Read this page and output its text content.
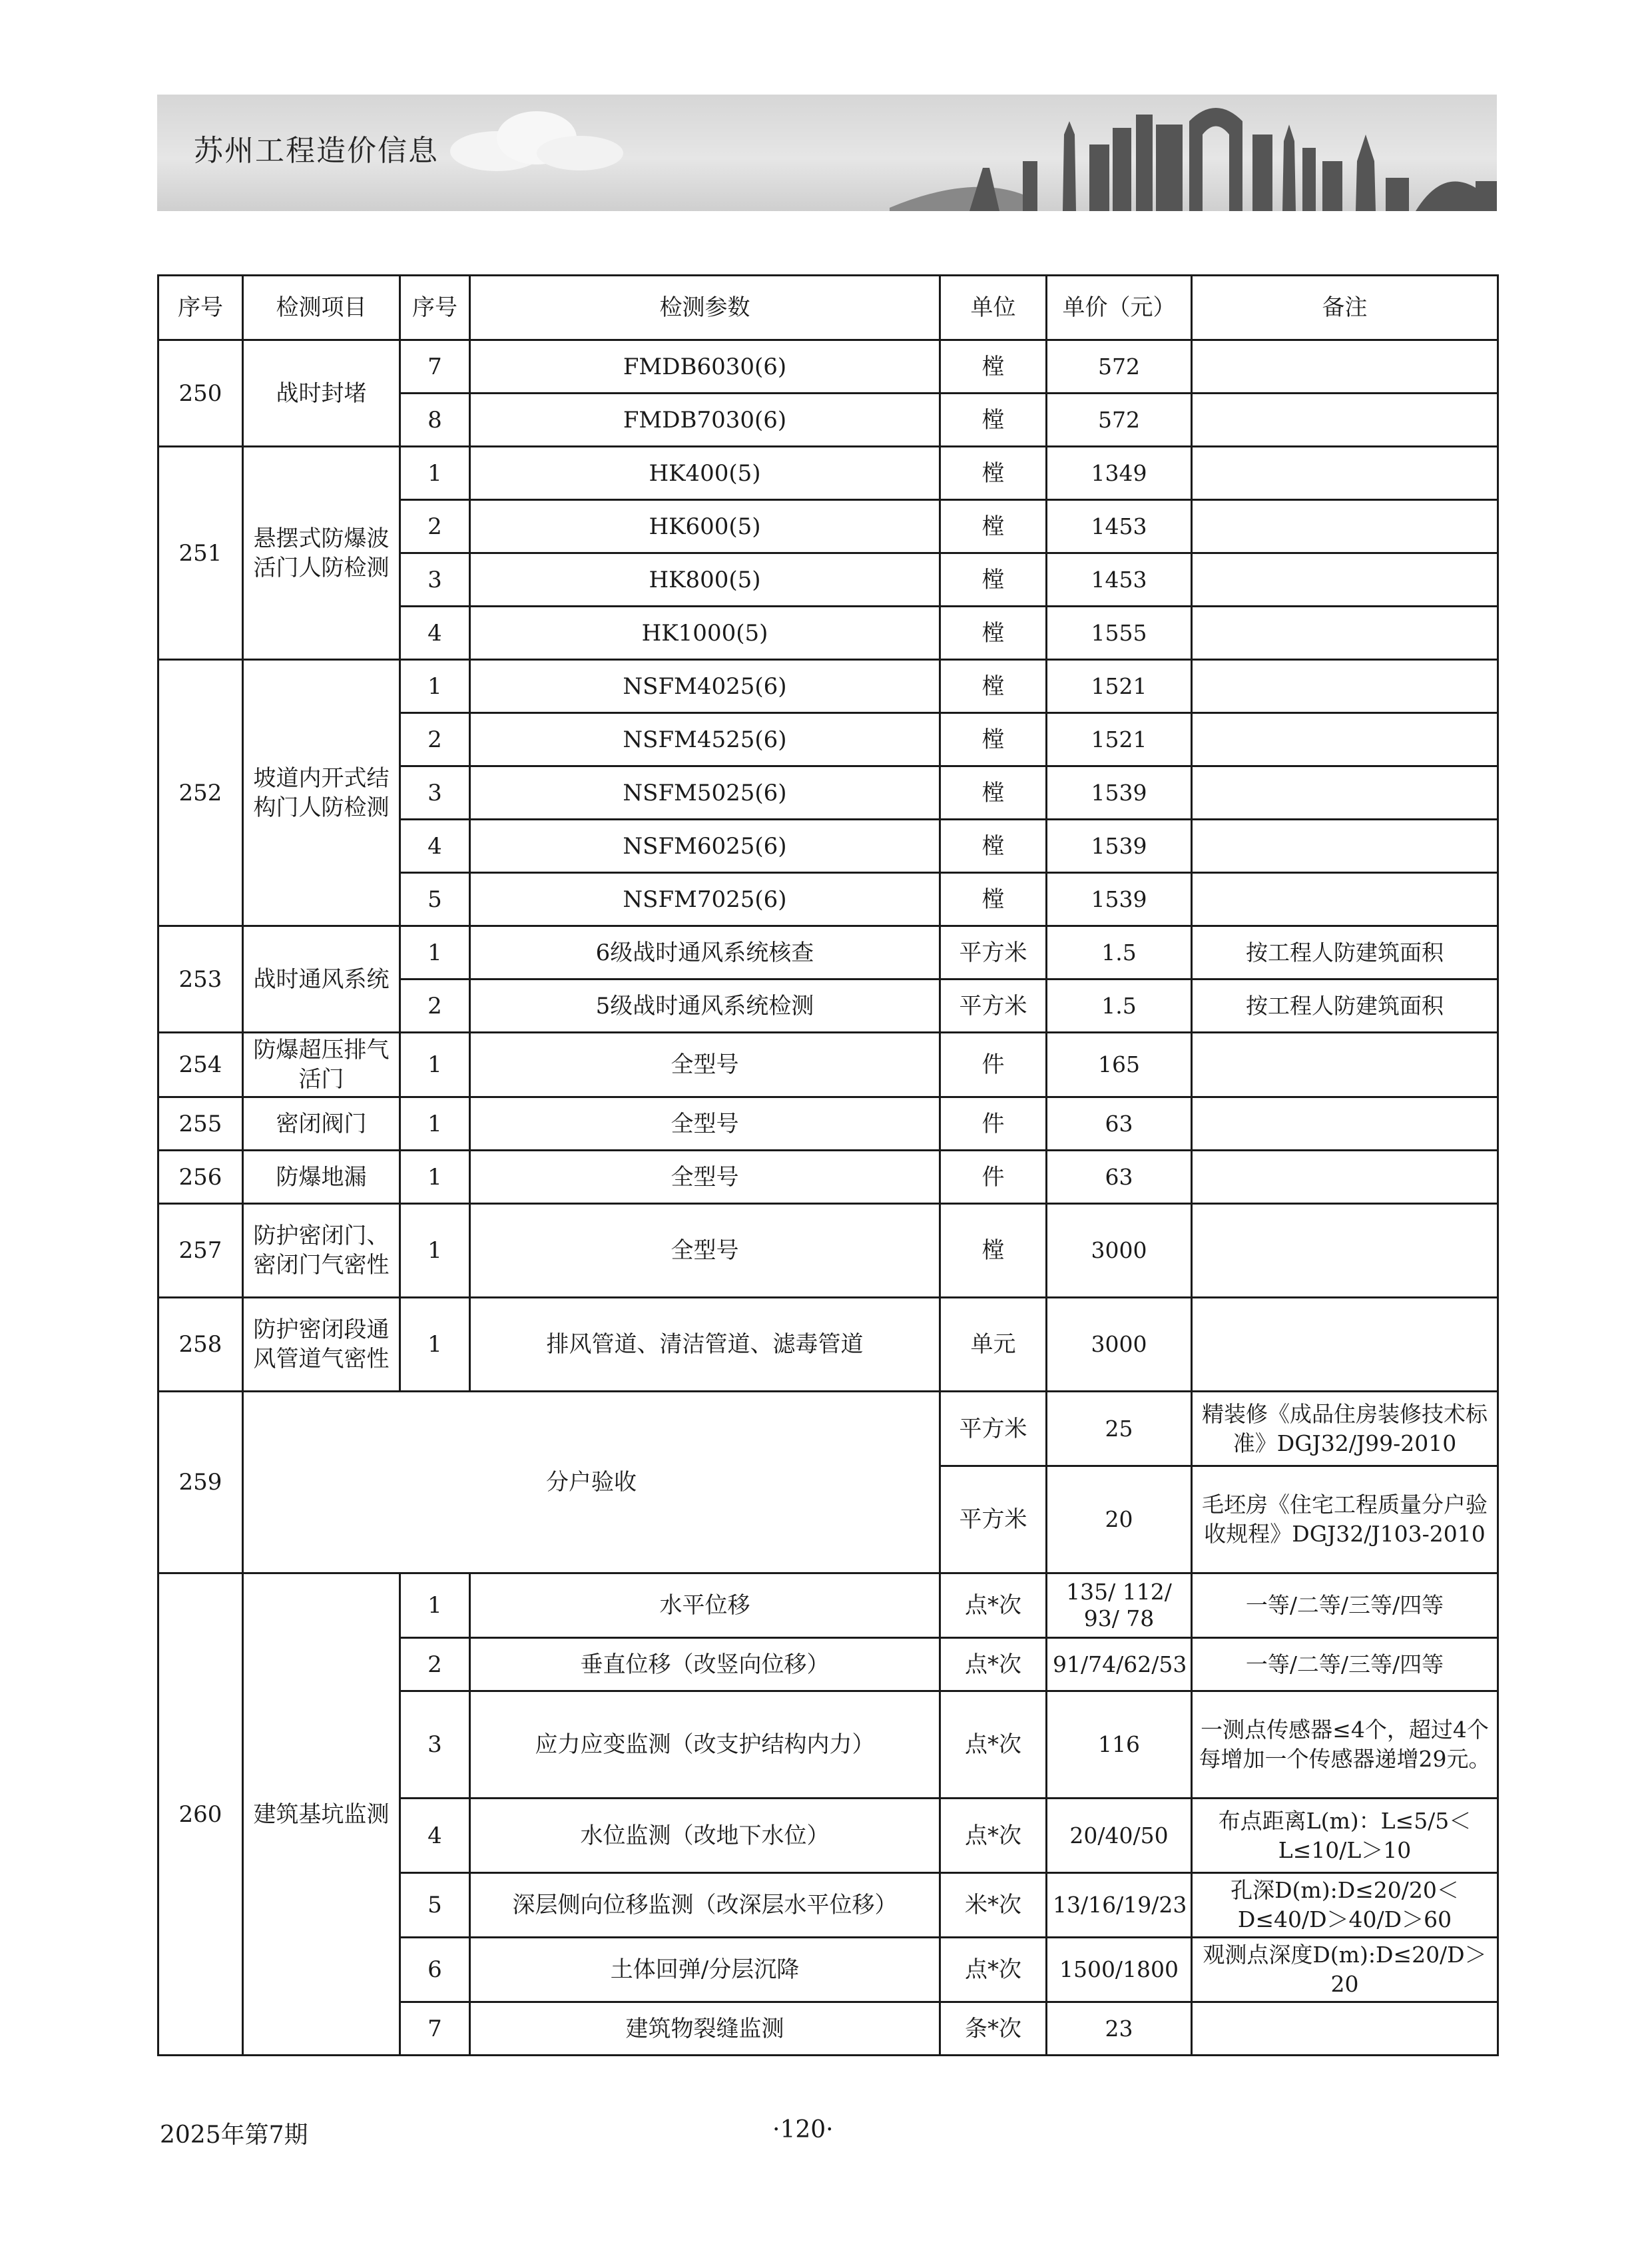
苏州工程造价信息
序号	检测项目	序号	检测参数	单位	单价（元）	备注
250	战时封堵	7	FMDB6030(6)	樘	572	
		8	FMDB7030(6)	樘	572	
251	悬摆式防爆波活门人防检测	1	HK400(5)	樘	1349	
		2	HK600(5)	樘	1453	
		3	HK800(5)	樘	1453	
		4	HK1000(5)	樘	1555	
252	坡道内开式结构门人防检测	1	NSFM4025(6)	樘	1521	
		2	NSFM4525(6)	樘	1521	
		3	NSFM5025(6)	樘	1539	
		4	NSFM6025(6)	樘	1539	
		5	NSFM7025(6)	樘	1539	
253	战时通风系统	1	6级战时通风系统核查	平方米	1.5	按工程人防建筑面积
		2	5级战时通风系统检测	平方米	1.5	按工程人防建筑面积
254	防爆超压排气活门	1	全型号	件	165	
255	密闭阀门	1	全型号	件	63	
256	防爆地漏	1	全型号	件	63	
257	防护密闭门、密闭门气密性	1	全型号	樘	3000	
258	防护密闭段通风管道气密性	1	排风管道、清洁管道、滤毒管道	单元	3000	
259	分户验收			平方米	25	精装修《成品住房装修技术标准》DGJ32/J99-2010
				平方米	20	毛坯房《住宅工程质量分户验收规程》DGJ32/J103-2010
260	建筑基坑监测	1	水平位移	点*次	135/ 112/ 93/ 78	一等/二等/三等/四等
		2	垂直位移（改竖向位移）	点*次	91/74/62/53	一等/二等/三等/四等
		3	应力应变监测（改支护结构内力）	点*次	116	一测点传感器≤4个，超过4个每增加一个传感器递增29元。
		4	水位监测（改地下水位）	点*次	20/40/50	布点距离L(m)：L≤5/5＜L≤10/L＞10
		5	深层侧向位移监测（改深层水平位移）	米*次	13/16/19/23	孔深D(m):D≤20/20＜D≤40/D＞40/D＞60
		6	土体回弹/分层沉降	点*次	1500/1800	观测点深度D(m):D≤20/D＞20
		7	建筑物裂缝监测	条*次	23	
2025年第7期	·120·
